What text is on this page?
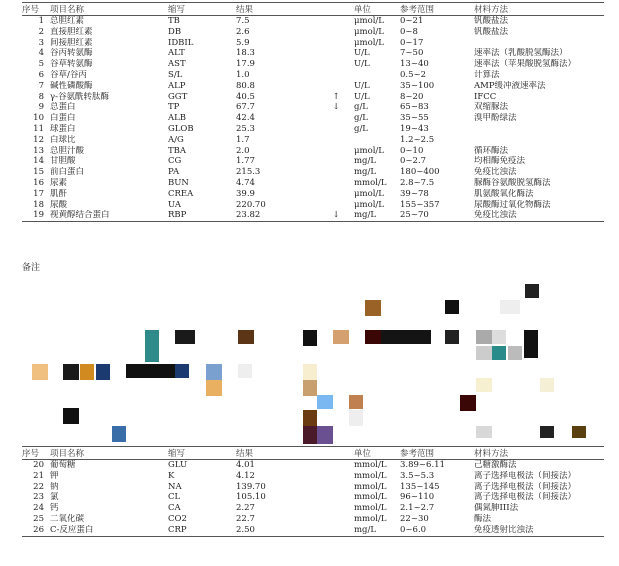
序号	项目名称	缩写	结果		单位	参考范围	材料方法
1	总胆红素	TB	7.5		μmol/L	0~21	钒酸盐法
2	直接胆红素	DB	2.6		μmol/L	0~8	钒酸盐法
3	间接胆红素	IDBIL	5.9		μmol/L	0~17	
4	谷丙转氨酶	ALT	18.3		U/L	7~50	速率法（乳酸脱氢酶法）
5	谷草转氨酶	AST	17.9		U/L	13~40	速率法（苹果酸脱氢酶法）
6	谷草/谷丙	S/L	1.0			0.5~2	计算法
7	碱性磷酸酶	ALP	80.8		U/L	35~100	AMP缓冲液速率法
8	γ-谷氨酰转肽酶	GGT	40.5	↑	U/L	8~20	IFCC
9	总蛋白	TP	67.7	↓	g/L	65~83	双缩脲法
10	白蛋白	ALB	42.4		g/L	35~55	溴甲酚绿法
11	球蛋白	GLOB	25.3		g/L	19~43	
12	白球比	A/G	1.7			1.2~2.5	
13	总胆汁酸	TBA	2.0		μmol/L	0~10	循环酶法
14	甘胆酸	CG	1.77		mg/L	0~2.7	均相酶免疫法
15	前白蛋白	PA	215.3		mg/L	180~400	免疫比浊法
16	尿素	BUN	4.74		mmol/L	2.8~7.5	脲酶谷氨酸脱氢酶法
17	肌酐	CREA	39.9		μmol/L	39~78	肌氨酸氧化酶法
18	尿酸	UA	220.70		μmol/L	155~357	尿酸酶过氧化物酶法
19	视黄醇结合蛋白	RBP	23.82	↓	mg/L	25~70	免疫比浊法
备注
序号	项目名称	缩写	结果		单位	参考范围	材料方法
20	葡萄糖	GLU	4.01		mmol/L	3.89~6.11	己糖激酶法
21	钾	K	4.12		mmol/L	3.5~5.3	离子选择电极法（间接法）
22	钠	NA	139.70		mmol/L	135~145	离子选择电极法（间接法）
23	氯	CL	105.10		mmol/L	96~110	离子选择电极法（间接法）
24	钙	CA	2.27		mmol/L	2.1~2.7	偶氮胂III法
25	二氧化碳	CO2	22.7		mmol/L	22~30	酶法
26	C-反应蛋白	CRP	2.50		mg/L	0~6.0	免疫透射比浊法
